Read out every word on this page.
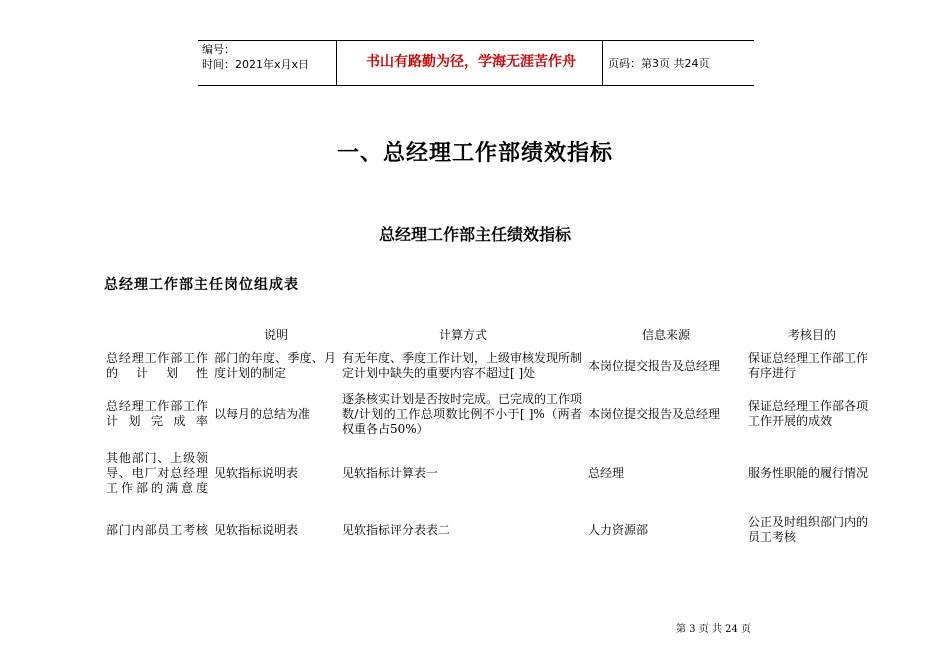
编号：
时间：2021年x月x日	书山有路勤为径，学海无涯苦作舟	页码：第3页 共24页
一、总经理工作部绩效指标
总经理工作部主任绩效指标
总经理工作部主任岗位组成表
	说明	计算方式	信息来源	考核目的
总经理工作部工作的计划性	部门的年度、季度、月度计划的制定	有无年度、季度工作计划，上级审核发现所制定计划中缺失的重要内容不超过[ ]处	本岗位提交报告及总经理	保证总经理工作部工作有序进行
总经理工作部工作计划完成率	以每月的总结为准	逐条核实计划是否按时完成。已完成的工作项数/计划的工作总项数比例不小于[ ]%（两者权重各占50%）	本岗位提交报告及总经理	保证总经理工作部各项工作开展的成效
其他部门、上级领导、电厂对总经理工作部的满意度	见软指标说明表	见软指标计算表一	总经理	服务性职能的履行情况
部门内部员工考核	见软指标说明表	见软指标评分表表二	人力资源部	公正及时组织部门内的员工考核
第 3 页 共 24 页
